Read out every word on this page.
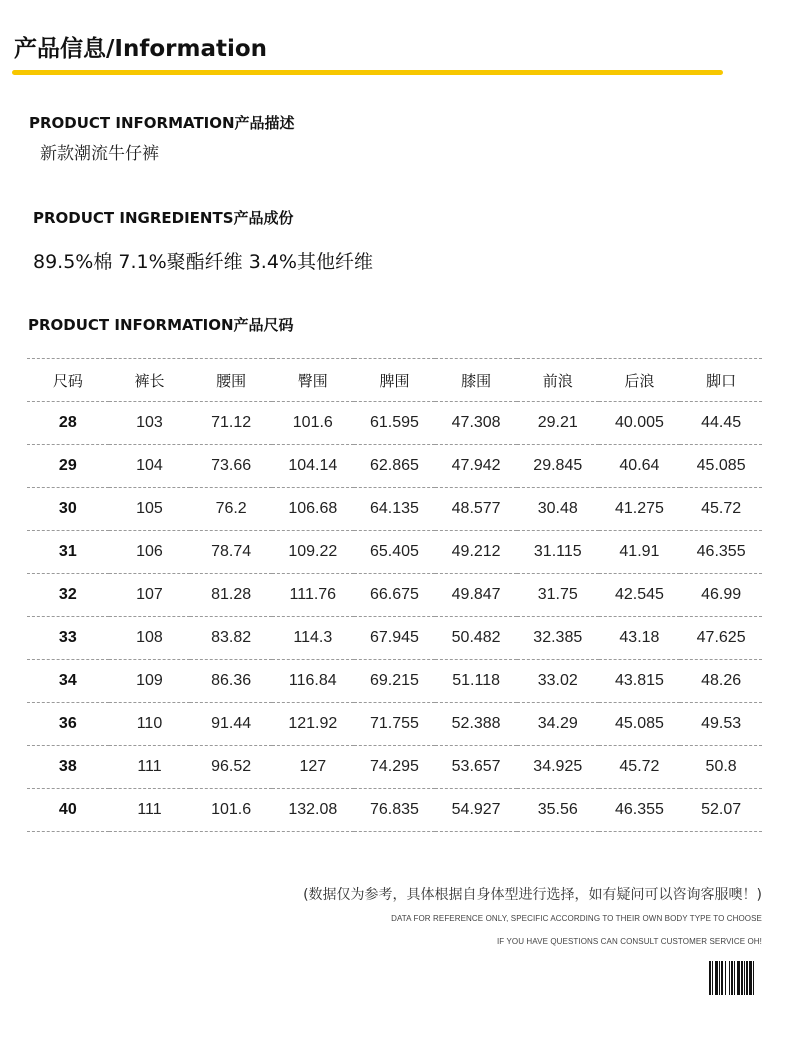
产品信息/Information
PRODUCT INFORMATION产品描述
新款潮流牛仔裤
PRODUCT INGREDIENTS产品成份
89.5%棉 7.1%聚酯纤维 3.4%其他纤维
PRODUCT INFORMATION产品尺码
尺码	裤长	腰围	臀围	脾围	膝围	前浪	后浪	脚口
28	103	71.12	101.6	61.595	47.308	29.21	40.005	44.45
29	104	73.66	104.14	62.865	47.942	29.845	40.64	45.085
30	105	76.2	106.68	64.135	48.577	30.48	41.275	45.72
31	106	78.74	109.22	65.405	49.212	31.115	41.91	46.355
32	107	81.28	111.76	66.675	49.847	31.75	42.545	46.99
33	108	83.82	114.3	67.945	50.482	32.385	43.18	47.625
34	109	86.36	116.84	69.215	51.118	33.02	43.815	48.26
36	110	91.44	121.92	71.755	52.388	34.29	45.085	49.53
38	111	96.52	127	74.295	53.657	34.925	45.72	50.8
40	111	101.6	132.08	76.835	54.927	35.56	46.355	52.07
(数据仅为参考，具体根据自身体型进行选择，如有疑问可以咨询客服噢！)
DATA FOR REFERENCE ONLY, SPECIFIC ACCORDING TO THEIR OWN BODY TYPE TO CHOOSE
IF YOU HAVE QUESTIONS CAN CONSULT CUSTOMER SERVICE OH!
